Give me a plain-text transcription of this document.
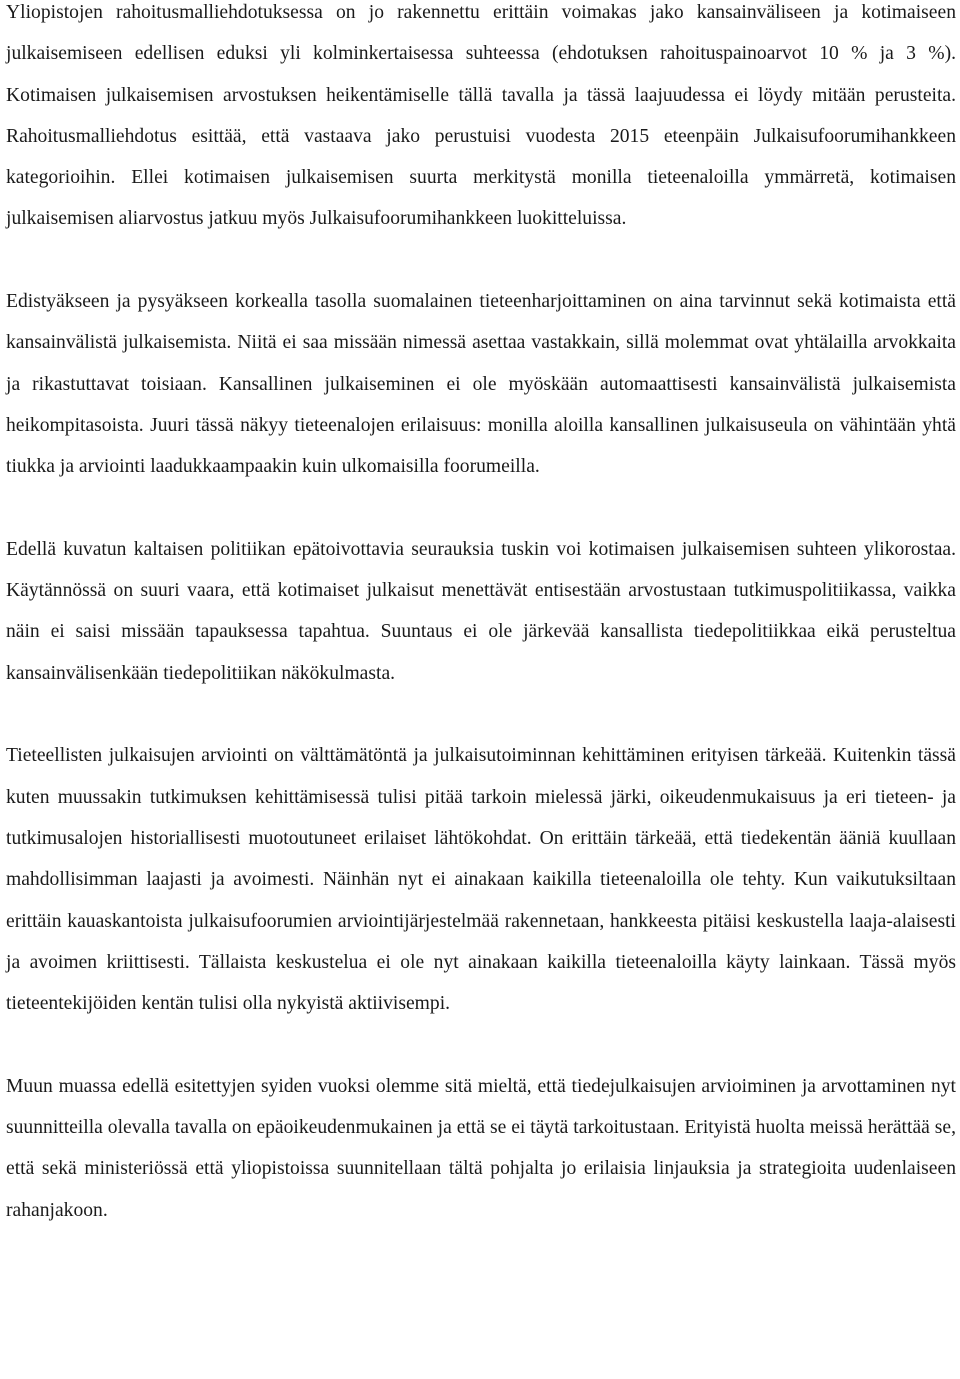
Yliopistojen rahoitusmalliehdotuksessa on jo rakennettu erittäin voimakas jako kansainväliseen ja kotimaiseen julkaisemiseen edellisen eduksi yli kolminkertaisessa suhteessa (ehdotuksen rahoituspainoarvot 10 % ja 3 %). Kotimaisen julkaisemisen arvostuksen heikentämiselle tällä tavalla ja tässä laajuudessa ei löydy mitään perusteita. Rahoitusmalliehdotus esittää, että vastaava jako perustuisi vuodesta 2015 eteenpäin Julkaisufoorumihankkeen kategorioihin. Ellei kotimaisen julkaisemisen suurta merkitystä monilla tieteenaloilla ymmärretä, kotimaisen julkaisemisen aliarvostus jatkuu myös Julkaisufoorumihankkeen luokitteluissa.

Edistyäkseen ja pysyäkseen korkealla tasolla suomalainen tieteenharjoittaminen on aina tarvinnut sekä kotimaista että kansainvälistä julkaisemista. Niitä ei saa missään nimessä asettaa vastakkain, sillä molemmat ovat yhtälailla arvokkaita ja rikastuttavat toisiaan. Kansallinen julkaiseminen ei ole myöskään automaattisesti kansainvälistä julkaisemista heikompitasoista. Juuri tässä näkyy tieteenalojen erilaisuus: monilla aloilla kansallinen julkaisuseula on vähintään yhtä tiukka ja arviointi laadukkaampaakin kuin ulkomaisilla foorumeilla.

Edellä kuvatun kaltaisen politiikan epätoivottavia seurauksia tuskin voi kotimaisen julkaisemisen suhteen ylikorostaa. Käytännössä on suuri vaara, että kotimaiset julkaisut menettävät entisestään arvostustaan tutkimuspolitiikassa, vaikka näin ei saisi missään tapauksessa tapahtua. Suuntaus ei ole järkevää kansallista tiedepolitiikkaa eikä perusteltua kansainvälisenkään tiedepolitiikan näkökulmasta.

Tieteellisten julkaisujen arviointi on välttämätöntä ja julkaisutoiminnan kehittäminen erityisen tärkeää. Kuitenkin tässä kuten muussakin tutkimuksen kehittämisessä tulisi pitää tarkoin mielessä järki, oikeudenmukaisuus ja eri tieteen- ja tutkimusalojen historiallisesti muotoutuneet erilaiset lähtökohdat. On erittäin tärkeää, että tiedekentän ääniä kuullaan mahdollisimman laajasti ja avoimesti. Näinhän nyt ei ainakaan kaikilla tieteenaloilla ole tehty. Kun vaikutuksiltaan erittäin kauaskantoista julkaisufoorumien arviointijärjestelmää rakennetaan, hankkeesta pitäisi keskustella laaja-alaisesti ja avoimen kriittisesti. Tällaista keskustelua ei ole nyt ainakaan kaikilla tieteenaloilla käyty lainkaan. Tässä myös tieteentekijöiden kentän tulisi olla nykyistä aktiivisempi.

Muun muassa edellä esitettyjen syiden vuoksi olemme sitä mieltä, että tiedejulkaisujen arvioiminen ja arvottaminen nyt suunnitteilla olevalla tavalla on epäoikeudenmukainen ja että se ei täytä tarkoitustaan. Erityistä huolta meissä herättää se, että sekä ministeriössä että yliopistoissa suunnitellaan tältä pohjalta jo erilaisia linjauksia ja strategioita uudenlaiseen rahanjakoon.
